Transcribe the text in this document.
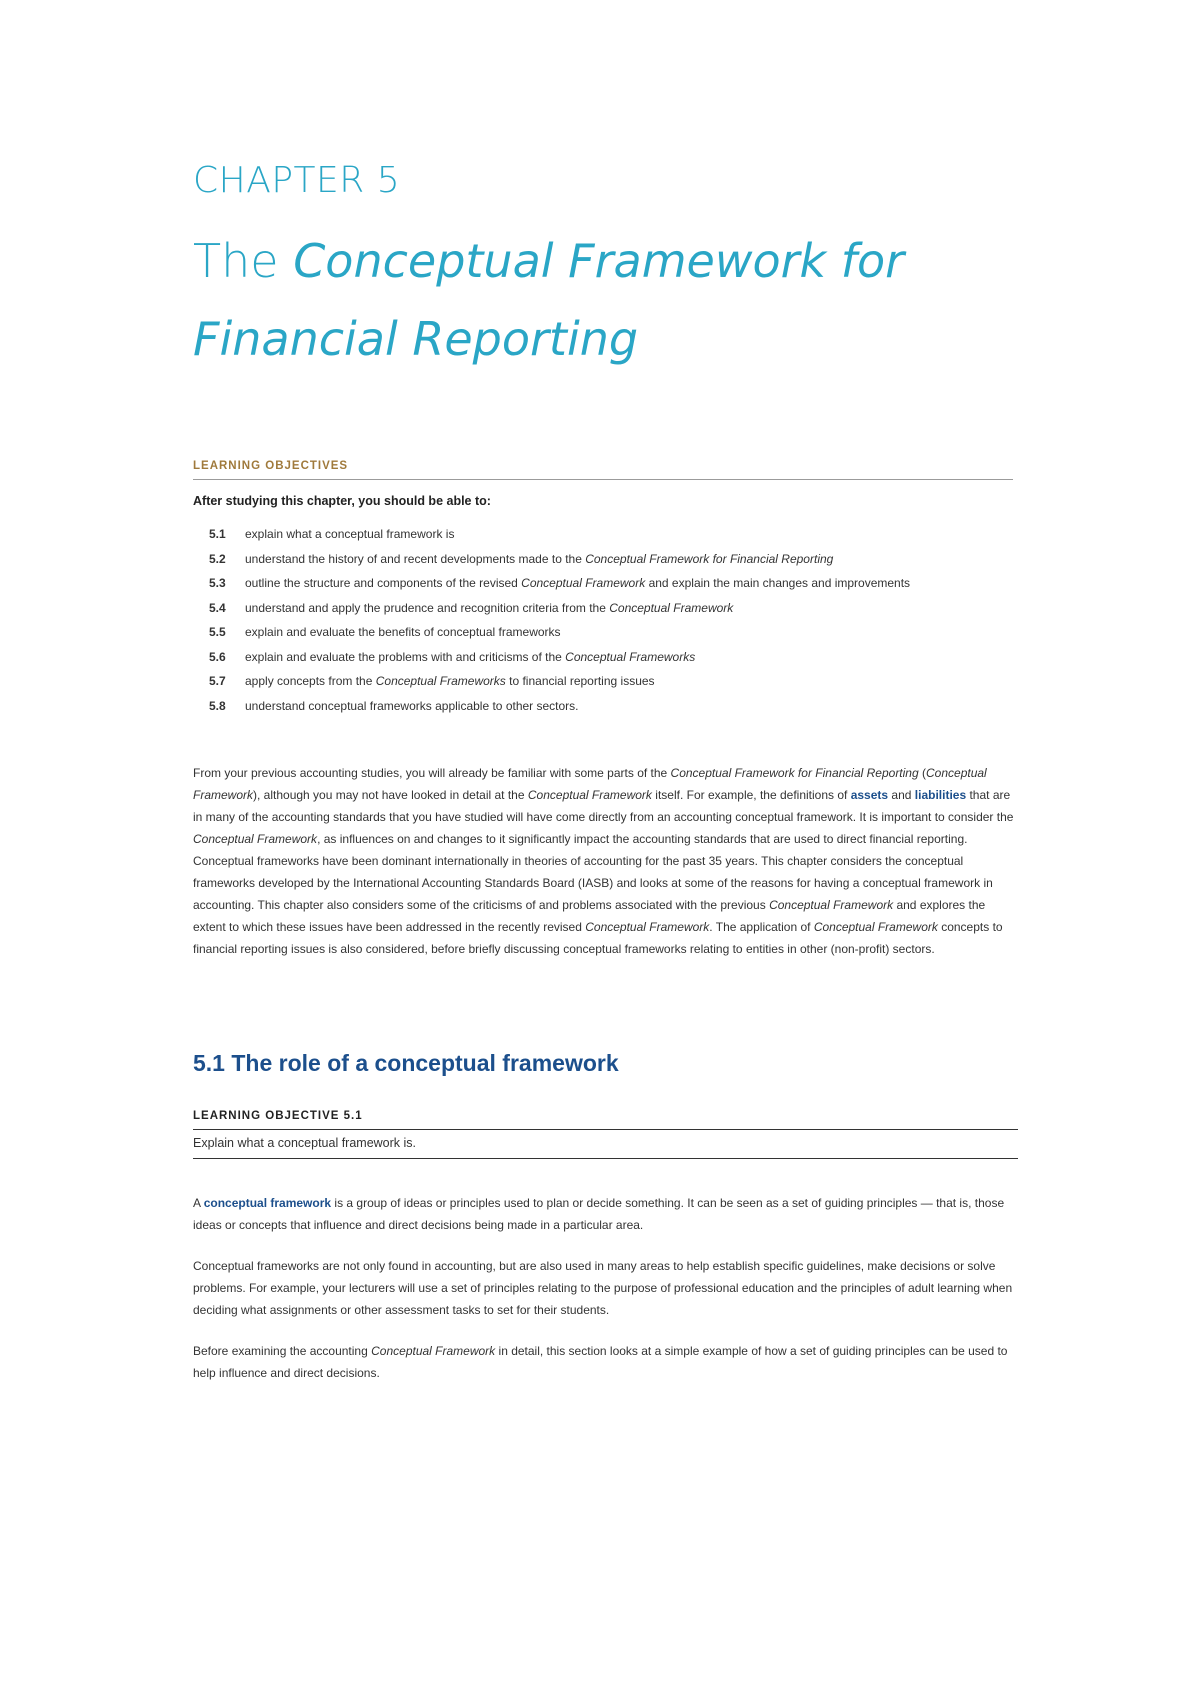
CHAPTER 5
The Conceptual Framework for
Financial Reporting
LEARNING OBJECTIVES
After studying this chapter, you should be able to:
5.1	explain what a conceptual framework is
5.2	understand the history of and recent developments made to the Conceptual Framework for Financial Reporting
5.3	outline the structure and components of the revised Conceptual Framework and explain the main changes and improvements
5.4	understand and apply the prudence and recognition criteria from the Conceptual Framework
5.5	explain and evaluate the benefits of conceptual frameworks
5.6	explain and evaluate the problems with and criticisms of the Conceptual Frameworks
5.7	apply concepts from the Conceptual Frameworks to financial reporting issues
5.8	understand conceptual frameworks applicable to other sectors.
From your previous accounting studies, you will already be familiar with some parts of the Conceptual Framework for Financial Reporting (Conceptual Framework), although you may not have looked in detail at the Conceptual Framework itself. For example, the definitions of assets and liabilities that are in many of the accounting standards that you have studied will have come directly from an accounting conceptual framework. It is important to consider the Conceptual Framework, as influences on and changes to it significantly impact the accounting standards that are used to direct financial reporting. Conceptual frameworks have been dominant internationally in theories of accounting for the past 35 years. This chapter considers the conceptual frameworks developed by the International Accounting Standards Board (IASB) and looks at some of the reasons for having a conceptual framework in accounting. This chapter also considers some of the criticisms of and problems associated with the previous Conceptual Framework and explores the extent to which these issues have been addressed in the recently revised Conceptual Framework. The application of Conceptual Framework concepts to financial reporting issues is also considered, before briefly discussing conceptual frameworks relating to entities in other (non-profit) sectors.
5.1 The role of a conceptual framework
LEARNING OBJECTIVE 5.1
Explain what a conceptual framework is.
A conceptual framework is a group of ideas or principles used to plan or decide something. It can be seen as a set of guiding principles — that is, those ideas or concepts that influence and direct decisions being made in a particular area.
Conceptual frameworks are not only found in accounting, but are also used in many areas to help establish specific guidelines, make decisions or solve problems. For example, your lecturers will use a set of principles relating to the purpose of professional education and the principles of adult learning when deciding what assignments or other assessment tasks to set for their students.
Before examining the accounting Conceptual Framework in detail, this section looks at a simple example of how a set of guiding principles can be used to help influence and direct decisions.
